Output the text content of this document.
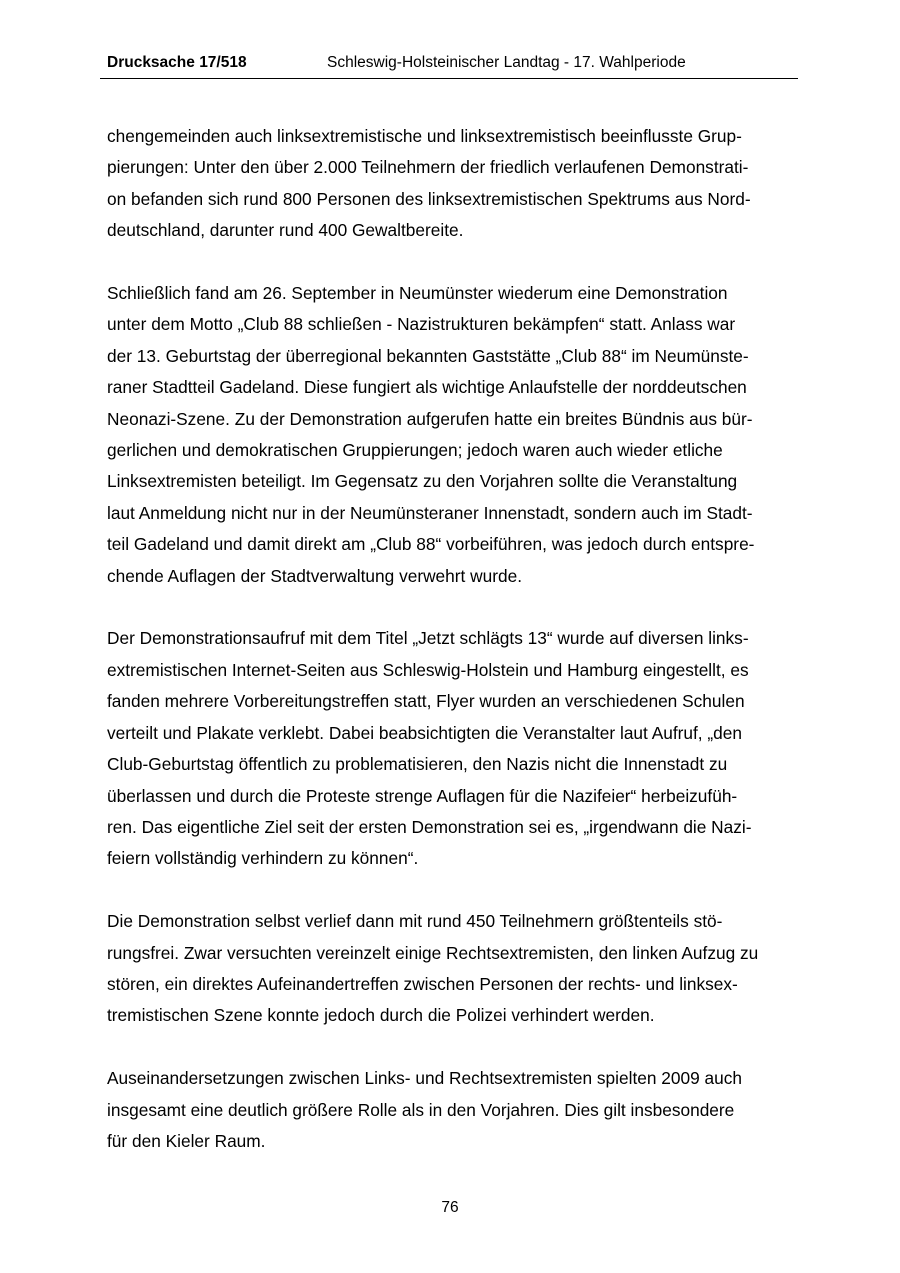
Drucksache 17/518	Schleswig-Holsteinischer Landtag - 17. Wahlperiode

chengemeinden auch linksextremistische und linksextremistisch beeinflusste Grup-
pierungen: Unter den über 2.000 Teilnehmern der friedlich verlaufenen Demonstrati-
on befanden sich rund 800 Personen des linksextremistischen Spektrums aus Nord-
deutschland, darunter rund 400 Gewaltbereite.

Schließlich fand am 26. September in Neumünster wiederum eine Demonstration
unter dem Motto „Club 88 schließen - Nazistrukturen bekämpfen“ statt. Anlass war
der 13. Geburtstag der überregional bekannten Gaststätte „Club 88“ im Neumünste-
raner Stadtteil Gadeland. Diese fungiert als wichtige Anlaufstelle der norddeutschen
Neonazi-Szene. Zu der Demonstration aufgerufen hatte ein breites Bündnis aus bür-
gerlichen und demokratischen Gruppierungen; jedoch waren auch wieder etliche
Linksextremisten beteiligt. Im Gegensatz zu den Vorjahren sollte die Veranstaltung
laut Anmeldung nicht nur in der Neumünsteraner Innenstadt, sondern auch im Stadt-
teil Gadeland und damit direkt am „Club 88“ vorbeiführen, was jedoch durch entspre-
chende Auflagen der Stadtverwaltung verwehrt wurde.

Der Demonstrationsaufruf mit dem Titel „Jetzt schlägts 13“ wurde auf diversen links-
extremistischen Internet-Seiten aus Schleswig-Holstein und Hamburg eingestellt, es
fanden mehrere Vorbereitungstreffen statt, Flyer wurden an verschiedenen Schulen
verteilt und Plakate verklebt. Dabei beabsichtigten die Veranstalter laut Aufruf, „den
Club-Geburtstag öffentlich zu problematisieren, den Nazis nicht die Innenstadt zu
überlassen und durch die Proteste strenge Auflagen für die Nazifeier“ herbeizufüh-
ren. Das eigentliche Ziel seit der ersten Demonstration sei es, „irgendwann die Nazi-
feiern vollständig verhindern zu können“.

Die Demonstration selbst verlief dann mit rund 450 Teilnehmern größtenteils stö-
rungsfrei. Zwar versuchten vereinzelt einige Rechtsextremisten, den linken Aufzug zu
stören, ein direktes Aufeinandertreffen zwischen Personen der rechts- und linksex-
tremistischen Szene konnte jedoch durch die Polizei verhindert werden.

Auseinandersetzungen zwischen Links- und Rechtsextremisten spielten 2009 auch
insgesamt eine deutlich größere Rolle als in den Vorjahren. Dies gilt insbesondere
für den Kieler Raum.

76
